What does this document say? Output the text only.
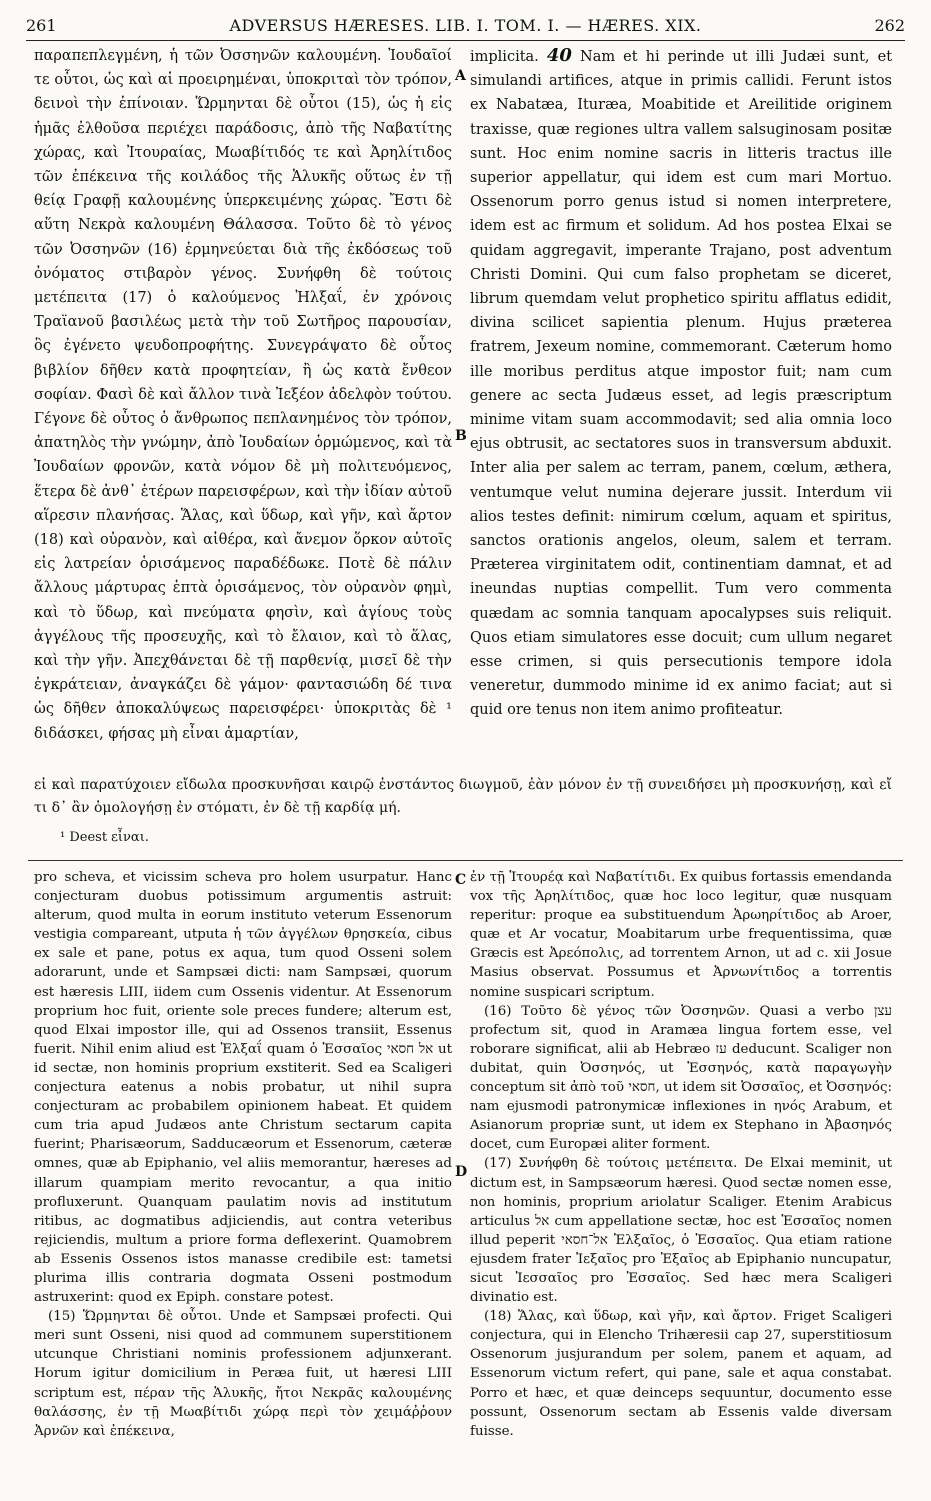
261	ADVERSUS HÆRESES. LIB. I. TOM. I. — HÆRES. XIX.	262

παραπεπλεγμένη, ἡ τῶν Ὀσσηνῶν καλουμένη. Ἰουδαῖοί τε οὗτοι, ὡς καὶ αἱ προειρημέναι, ὑποκριταὶ τὸν τρόπον, δεινοὶ τὴν ἐπίνοιαν. Ὥρμηνται δὲ οὗτοι (15), ὡς ἡ εἰς ἡμᾶς ἐλθοῦσα περιέχει παράδοσις, ἀπὸ τῆς Ναβατίτης χώρας, καὶ Ἰτουραίας, Μωαβίτιδός τε καὶ Ἀρηλίτιδος τῶν ἐπέκεινα τῆς κοιλάδος τῆς Ἁλυκῆς οὕτως ἐν τῇ θείᾳ Γραφῇ καλουμένης ὑπερκειμένης χώρας. Ἔστι δὲ αὕτη Νεκρὰ καλουμένη Θάλασσα. Τοῦτο δὲ τὸ γένος τῶν Ὀσσηνῶν (16) ἑρμηνεύεται διὰ τῆς ἐκδόσεως τοῦ ὀνόματος στιβαρὸν γένος. Συνήφθη δὲ τούτοις μετέπειτα (17) ὁ καλούμενος Ἠλξαΐ, ἐν χρόνοις Τραϊανοῦ βασιλέως μετὰ τὴν τοῦ Σωτῆρος παρουσίαν, ὃς ἐγένετο ψευδοπροφήτης. Συνεγράψατο δὲ οὗτος βιβλίον δῆθεν κατὰ προφητείαν, ἢ ὡς κατὰ ἔνθεον σοφίαν. Φασὶ δὲ καὶ ἄλλον τινὰ Ἰεξέον ἀδελφὸν τούτου. Γέγονε δὲ οὗτος ὁ ἄνθρωπος πεπλανημένος τὸν τρόπον, ἀπατηλὸς τὴν γνώμην, ἀπὸ Ἰουδαίων ὁρμώμενος, καὶ τὰ Ἰουδαίων φρονῶν, κατὰ νόμον δὲ μὴ πολιτευόμενος, ἕτερα δὲ ἀνθ᾽ ἑτέρων παρεισφέρων, καὶ τὴν ἰδίαν αὐτοῦ αἵρεσιν πλανήσας. Ἅλας, καὶ ὕδωρ, καὶ γῆν, καὶ ἄρτον (18) καὶ οὐρανὸν, καὶ αἰθέρα, καὶ ἄνεμον ὅρκον αὐτοῖς εἰς λατρείαν ὁρισάμενος παραδέδωκε. Ποτὲ δὲ πάλιν ἄλλους μάρτυρας ἑπτὰ ὁρισάμενος, τὸν οὐρανὸν φημὶ, καὶ τὸ ὕδωρ, καὶ πνεύματα φησὶν, καὶ ἁγίους τοὺς ἀγγέλους τῆς προσευχῆς, καὶ τὸ ἔλαιον, καὶ τὸ ἅλας, καὶ τὴν γῆν. Ἀπεχθάνεται δὲ τῇ παρθενίᾳ, μισεῖ δὲ τὴν ἐγκράτειαν, ἀναγκάζει δὲ γάμον· φαντασιώδη δέ τινα ὡς δῆθεν ἀποκαλύψεως παρεισφέρει· ὑποκριτὰς δὲ ¹ διδάσκει, φήσας μὴ εἶναι ἁμαρτίαν,

implicita. 40 Nam et hi perinde ut illi Judæi sunt, et simulandi artifices, atque in primis callidi. Ferunt istos ex Nabatæa, Ituræa, Moabitide et Areilitide originem traxisse, quæ regiones ultra vallem salsuginosam positæ sunt. Hoc enim nomine sacris in litteris tractus ille superior appellatur, qui idem est cum mari Mortuo. Ossenorum porro genus istud si nomen interpretere, idem est ac firmum et solidum. Ad hos postea Elxai se quidam aggregavit, imperante Trajano, post adventum Christi Domini. Qui cum falso prophetam se diceret, librum quemdam velut prophetico spiritu afflatus edidit, divina scilicet sapientia plenum. Hujus præterea fratrem, Jexeum nomine, commemorant. Cæterum homo ille moribus perditus atque impostor fuit; nam cum genere ac secta Judæus esset, ad legis præscriptum minime vitam suam accommodavit; sed alia omnia loco ejus obtrusit, ac sectatores suos in transversum abduxit. Inter alia per salem ac terram, panem, cœlum, æthera, ventumque velut numina dejerare jussit. Interdum vii alios testes definit: nimirum cœlum, aquam et spiritus, sanctos orationis angelos, oleum, salem et terram. Præterea virginitatem odit, continentiam damnat, et ad ineundas nuptias compellit. Tum vero commenta quædam ac somnia tanquam apocalypses suis reliquit. Quos etiam simulatores esse docuit; cum ullum negaret esse crimen, si quis persecutionis tempore idola veneretur, dummodo minime id ex animo faciat; aut si quid ore tenus non item animo profiteatur.

A
B

εἰ καὶ παρατύχοιεν εἴδωλα προσκυνῆσαι καιρῷ ἐνστάντος διωγμοῦ, ἐὰν μόνον ἐν τῇ συνειδήσει μὴ προσκυνήσῃ, καὶ εἴ τι δ᾽ ἂν ὁμολογήσῃ ἐν στόματι, ἐν δὲ τῇ καρδίᾳ μή.

¹ Deest εἶναι.

pro scheva, et vicissim scheva pro holem usurpatur. Hanc conjecturam duobus potissimum argumentis astruit: alterum, quod multa in eorum instituto veterum Essenorum vestigia compareant, utputa ἡ τῶν ἀγγέλων θρησκεία, cibus ex sale et pane, potus ex aqua, tum quod Osseni solem adorarunt, unde et Sampsæi dicti: nam Sampsæi, quorum est hæresis LIII, iidem cum Ossenis videntur. At Essenorum proprium hoc fuit, oriente sole preces fundere; alterum est, quod Elxai impostor ille, qui ad Ossenos transiit, Essenus fuerit. Nihil enim aliud est Ἐλξαΐ quam ὁ Ἐσσαῖος אל חסאי ut id sectæ, non hominis proprium exstiterit. Sed ea Scaligeri conjectura eatenus a nobis probatur, ut nihil supra conjecturam ac probabilem opinionem habeat. Et quidem cum tria apud Judæos ante Christum sectarum capita fuerint; Pharisæorum, Sadducæorum et Essenorum, cæteræ omnes, quæ ab Epiphanio, vel aliis memorantur, hæreses ad illarum quampiam merito revocantur, a qua initio profluxerunt. Quanquam paulatim novis ad institutum ritibus, ac dogmatibus adjiciendis, aut contra veteribus rejiciendis, multum a priore forma deflexerint. Quamobrem ab Essenis Ossenos istos manasse credibile est: tametsi plurima illis contraria dogmata Osseni postmodum astruxerint: quod ex Epiph. constare potest.

(15) Ὥρμηνται δὲ οὗτοι. Unde et Sampsæi profecti. Qui meri sunt Osseni, nisi quod ad communem superstitionem utcunque Christiani nominis professionem adjunxerant. Horum igitur domicilium in Peræa fuit, ut hæresi LIII scriptum est, πέραν τῆς Ἁλυκῆς, ἤτοι Νεκρᾶς καλουμένης θαλάσσης, ἐν τῇ Μωαβίτιδι χώρᾳ περὶ τὸν χειμάῤῥουν Ἀρνῶν καὶ ἐπέκεινα,

ἐν τῇ Ἰτουρέᾳ καὶ Ναβατίτιδι. Ex quibus fortassis emendanda vox τῆς Ἀρηλίτιδος, quæ hoc loco legitur, quæ nusquam reperitur: proque ea substituendum Ἀρωηρίτιδος ab Aroer, quæ et Ar vocatur, Moabitarum urbe frequentissima, quæ Græcis est Ἀρεόπολις, ad torrentem Arnon, ut ad c. xii Josue Masius observat. Possumus et Ἀρνωνίτιδος a torrentis nomine suspicari scriptum.

(16) Τοῦτο δὲ γένος τῶν Ὀσσηνῶν. Quasi a verbo עצן profectum sit, quod in Aramæa lingua fortem esse, vel roborare significat, alii ab Hebræo עז deducunt. Scaliger non dubitat, quin Ὀσσηνός, ut Ἐσσηνός, κατὰ παραγωγὴν conceptum sit ἀπὸ τοῦ חסאי, ut idem sit Ὀσσαῖος, et Ὀσσηνός: nam ejusmodi patronymicæ inflexiones in ηνός Arabum, et Asianorum propriæ sunt, ut idem ex Stephano in Ἀβασηνός docet, cum Europæi aliter forment.

(17) Συνήφθη δὲ τούτοις μετέπειτα. De Elxai meminit, ut dictum est, in Sampsæorum hæresi. Quod sectæ nomen esse, non hominis, proprium ariolatur Scaliger. Etenim Arabicus articulus אל cum appellatione sectæ, hoc est Ἐσσαῖος nomen illud peperit אל־חסאי Ἐλξαῖος, ὁ Ἐσσαῖος. Qua etiam ratione ejusdem frater Ἰεξαῖος pro Ἐξαῖος ab Epiphanio nuncupatur, sicut Ἰεσσαῖος pro Ἐσσαῖος. Sed hæc mera Scaligeri divinatio est.

(18) Ἅλας, καὶ ὕδωρ, καὶ γῆν, καὶ ἄρτον. Friget Scaligeri conjectura, qui in Elencho Trihæresii cap 27, superstitiosum Ossenorum jusjurandum per solem, panem et aquam, ad Essenorum victum refert, qui pane, sale et aqua constabat. Porro et hæc, et quæ deinceps sequuntur, documento esse possunt, Ossenorum sectam ab Essenis valde diversam fuisse.

C
D
